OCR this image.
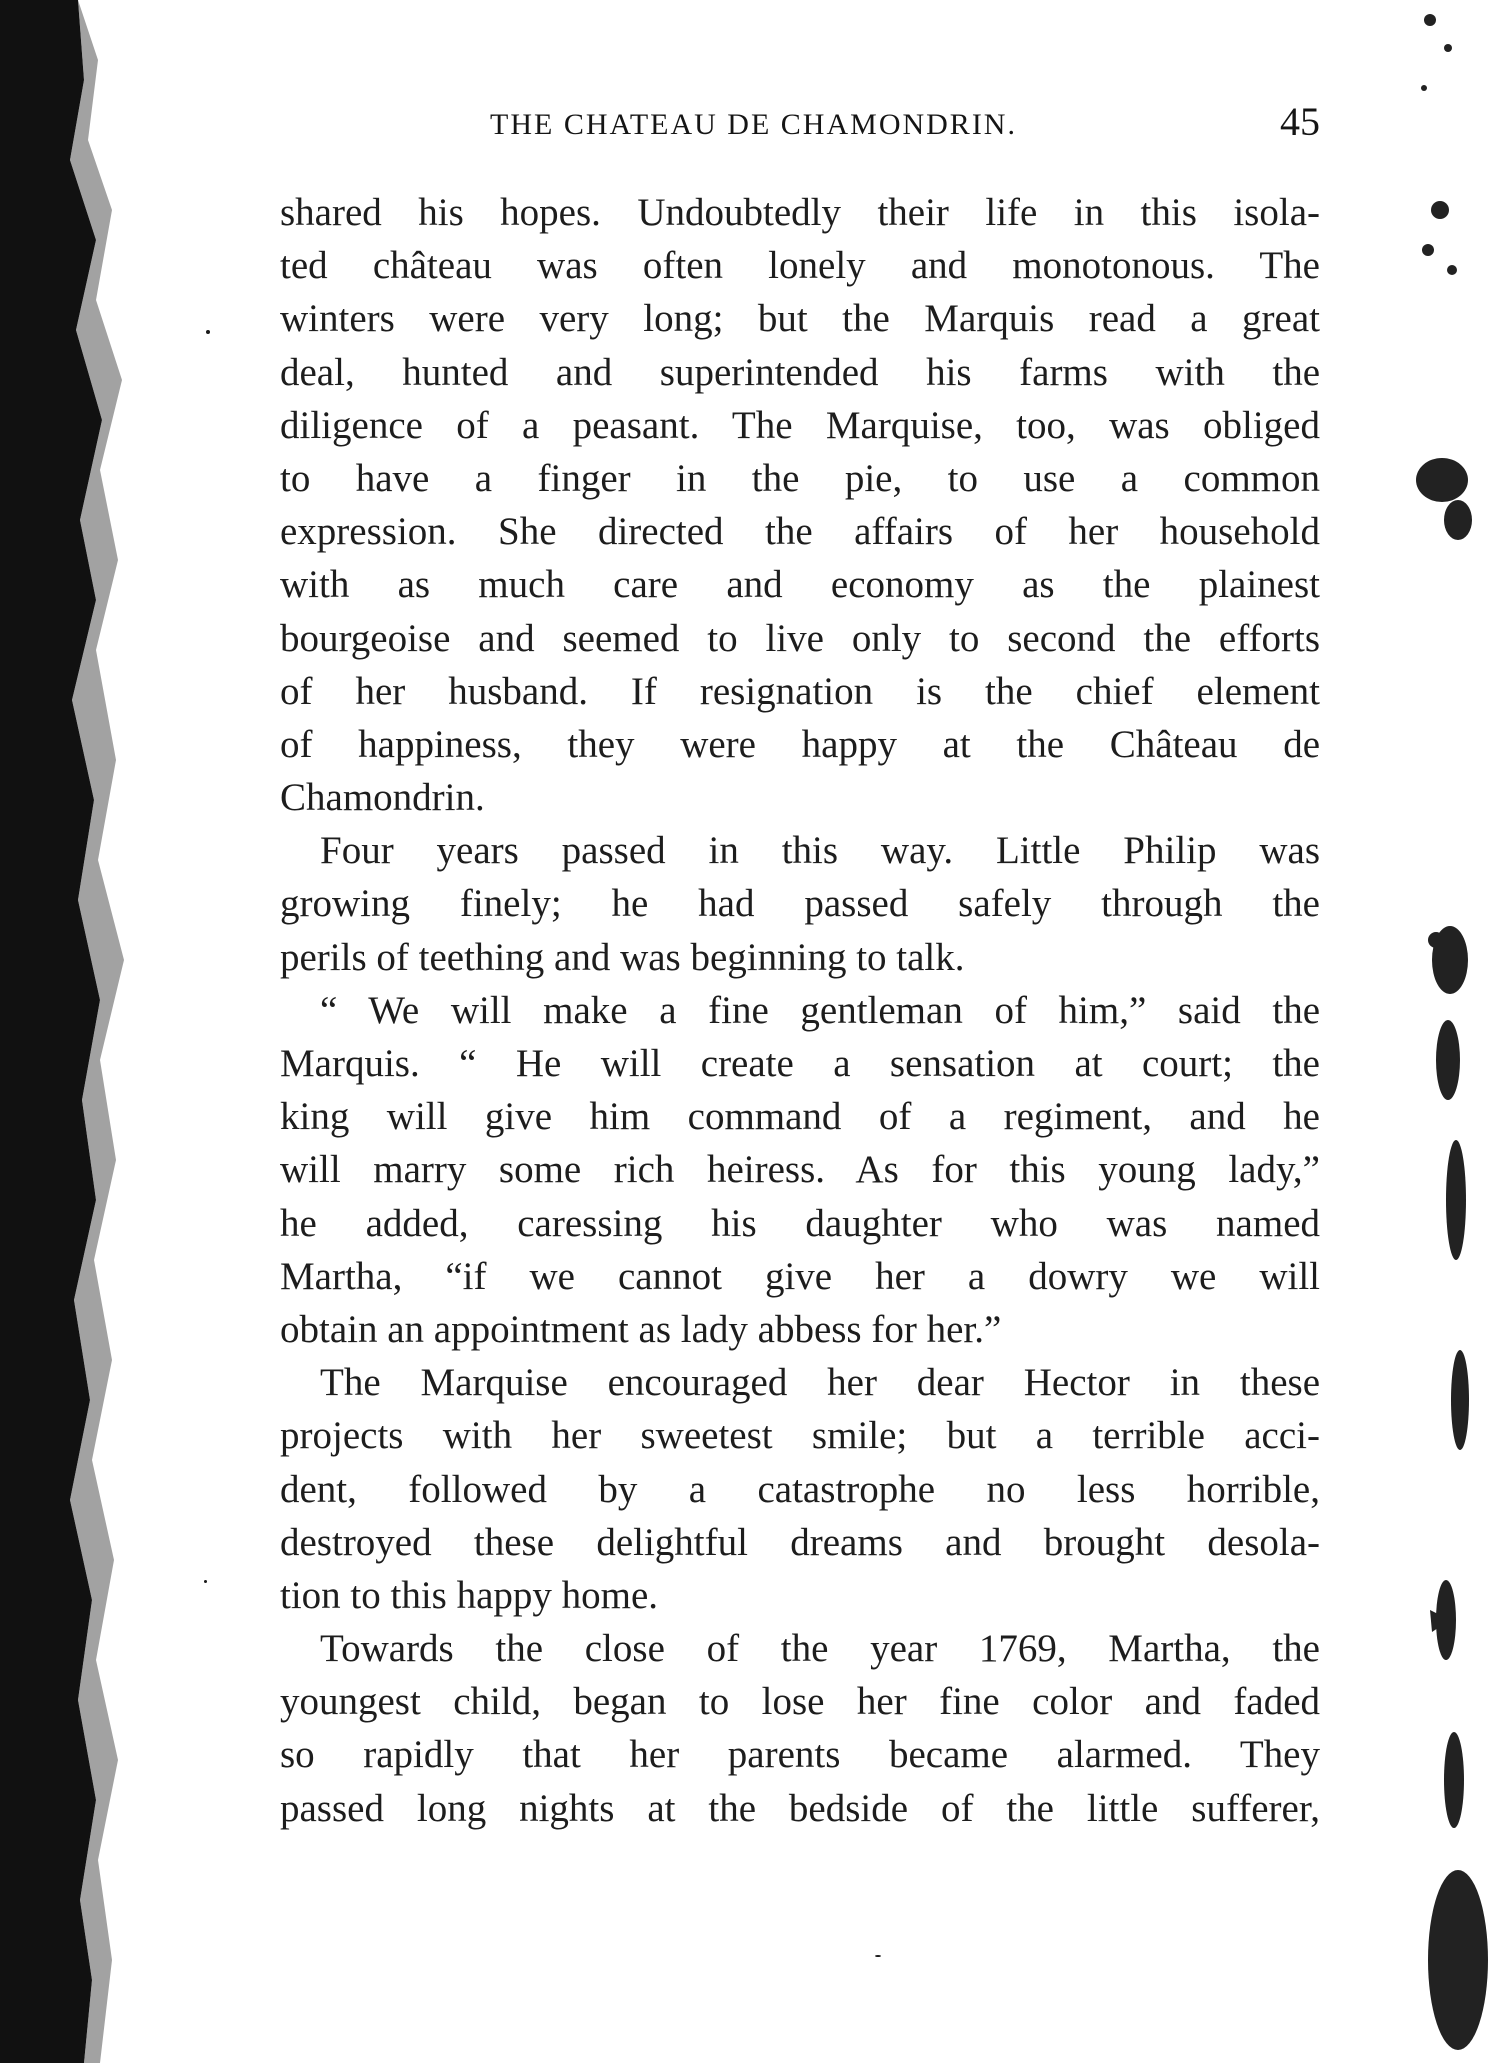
THE CHATEAU DE CHAMONDRIN.	45
shared his hopes. Undoubtedly their life in this isola-
ted château was often lonely and monotonous. The
winters were very long; but the Marquis read a great
deal, hunted and superintended his farms with the
diligence of a peasant. The Marquise, too, was obliged
to have a finger in the pie, to use a common
expression. She directed the affairs of her household
with as much care and economy as the plainest
bourgeoise and seemed to live only to second the efforts
of her husband. If resignation is the chief element
of happiness, they were happy at the Château de
Chamondrin.
Four years passed in this way. Little Philip was
growing finely; he had passed safely through the
perils of teething and was beginning to talk.
“ We will make a fine gentleman of him,” said the
Marquis. “ He will create a sensation at court; the
king will give him command of a regiment, and he
will marry some rich heiress. As for this young lady,”
he added, caressing his daughter who was named
Martha, “if we cannot give her a dowry we will
obtain an appointment as lady abbess for her.”
The Marquise encouraged her dear Hector in these
projects with her sweetest smile; but a terrible acci-
dent, followed by a catastrophe no less horrible,
destroyed these delightful dreams and brought desola-
tion to this happy home.
Towards the close of the year 1769, Martha, the
youngest child, began to lose her fine color and faded
so rapidly that her parents became alarmed. They
passed long nights at the bedside of the little sufferer,
